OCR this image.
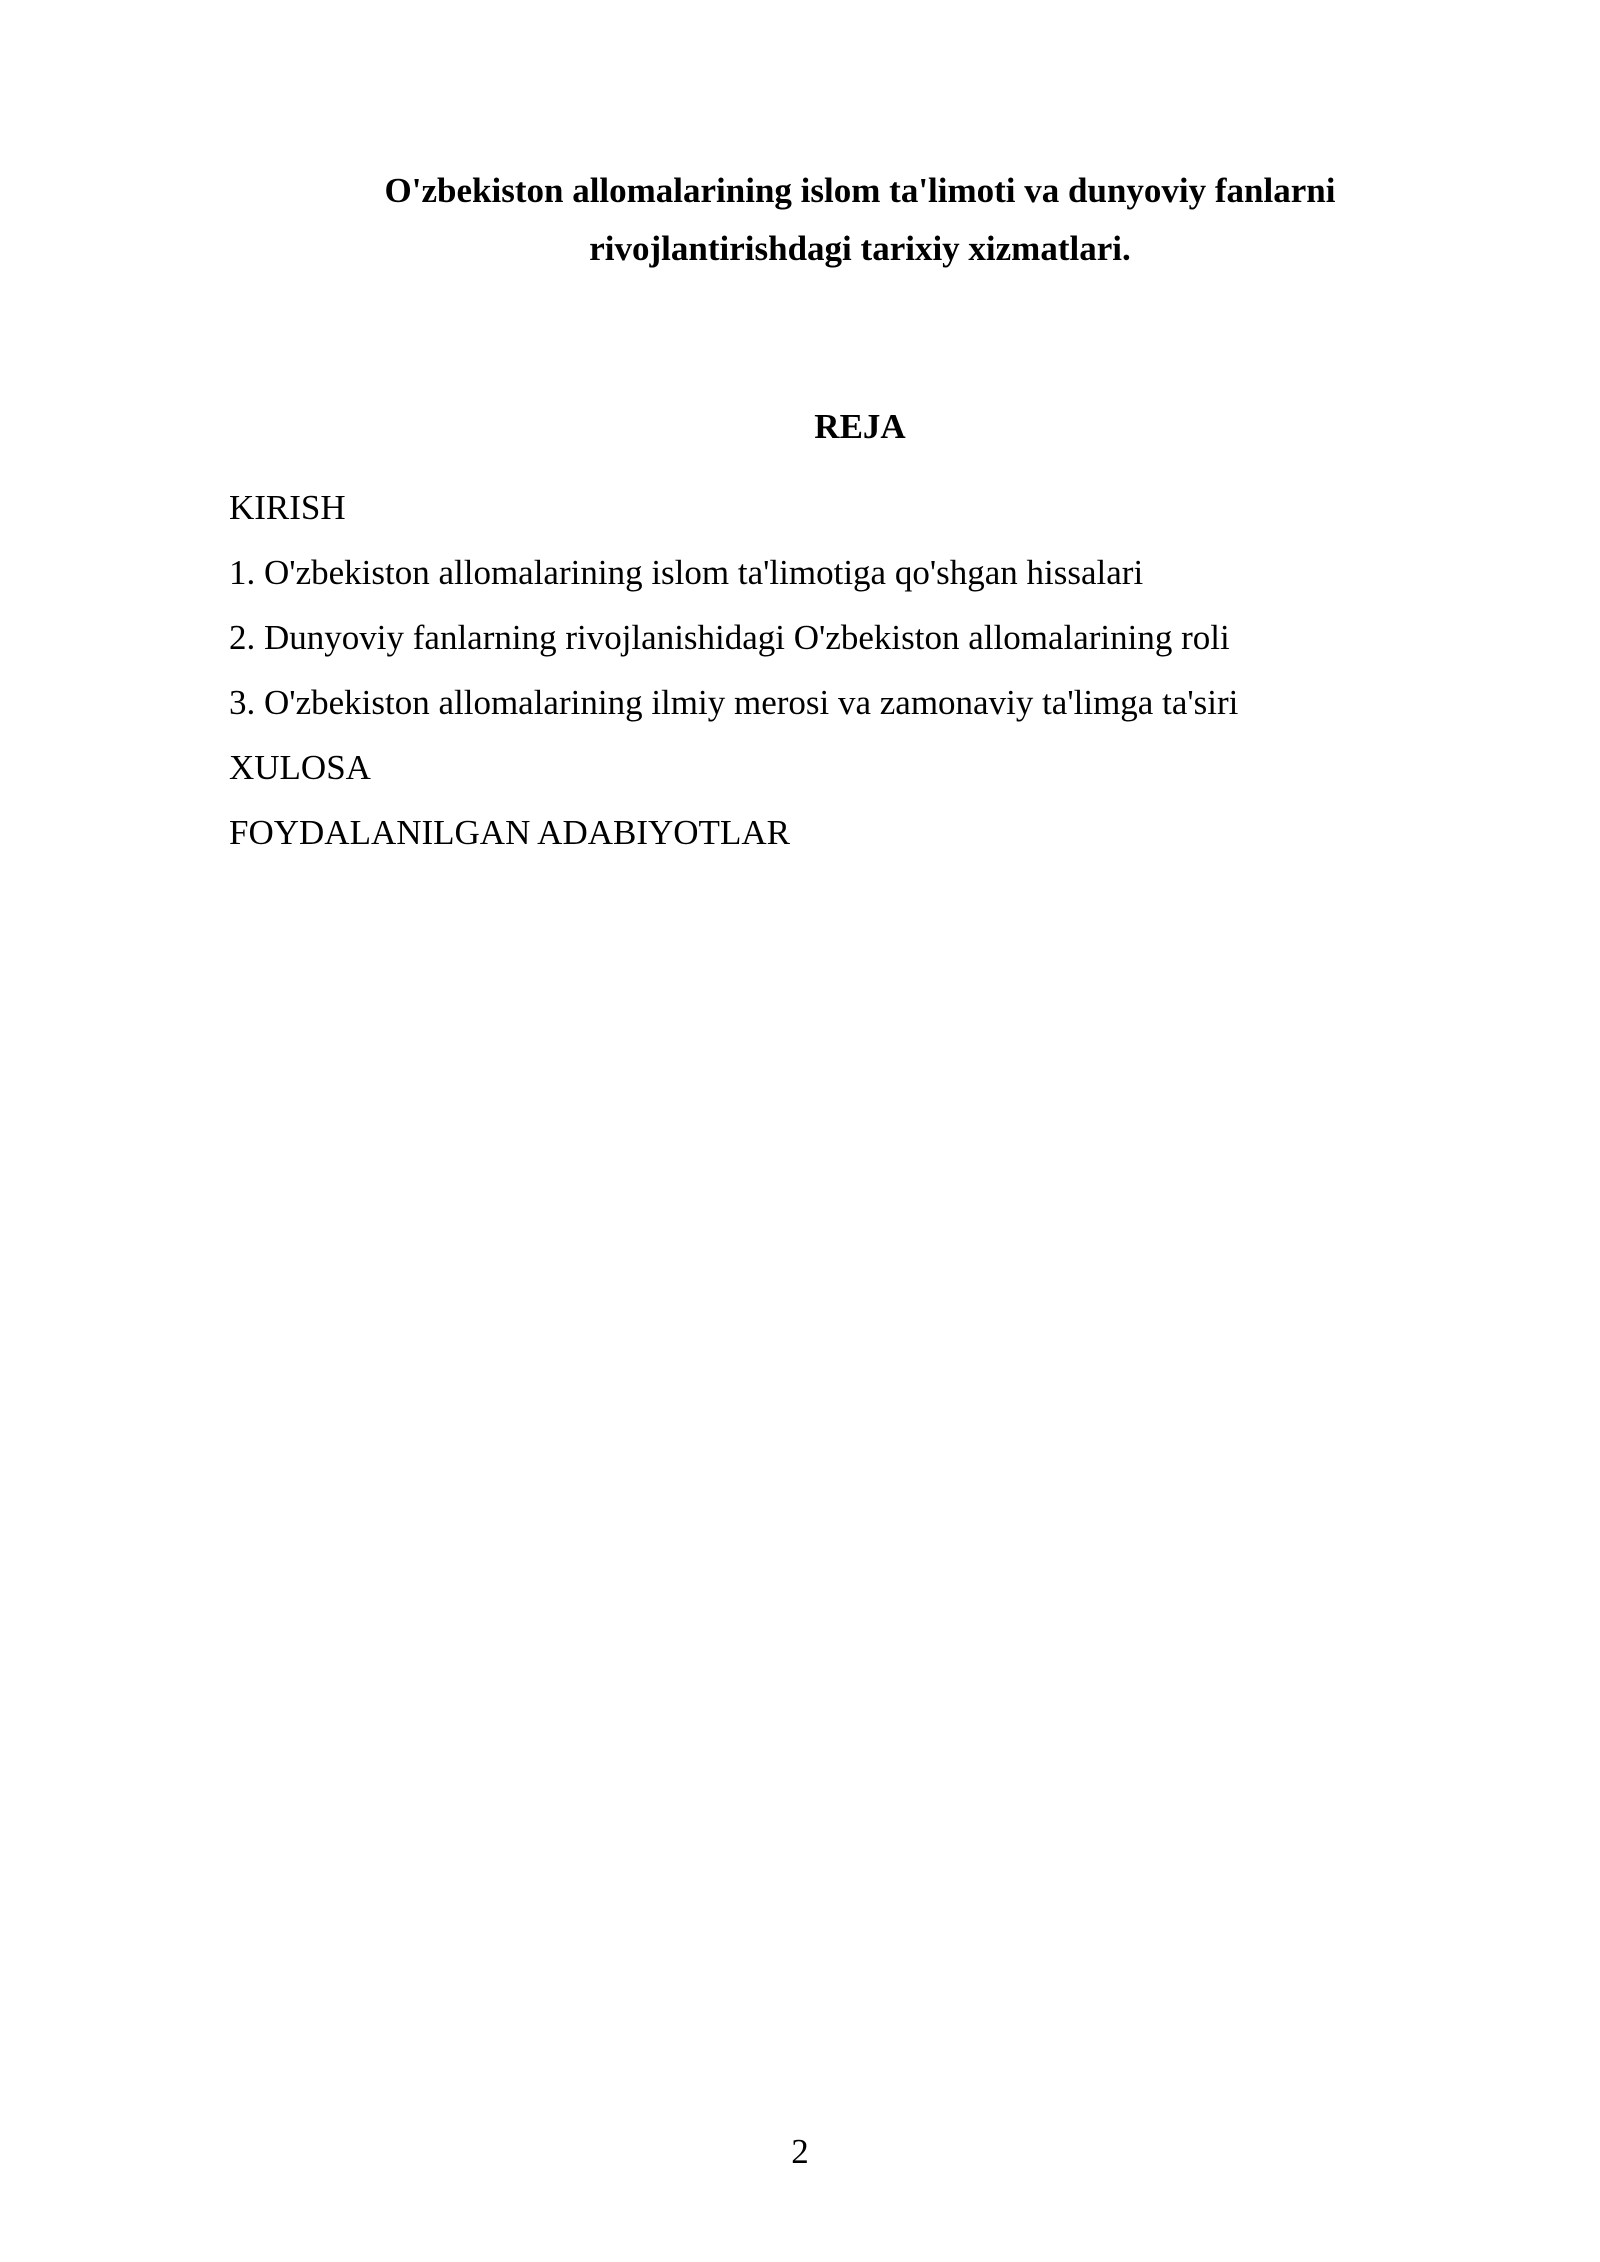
O'zbekiston allomalarining islom ta'limoti va dunyoviy fanlarni
rivojlantirishdagi tarixiy xizmatlari.
REJA
KIRISH
1. O'zbekiston allomalarining islom ta'limotiga qo'shgan hissalari
2. Dunyoviy fanlarning rivojlanishidagi O'zbekiston allomalarining roli
3. O'zbekiston allomalarining ilmiy merosi va zamonaviy ta'limga ta'siri
XULOSA
FOYDALANILGAN ADABIYOTLAR
2
